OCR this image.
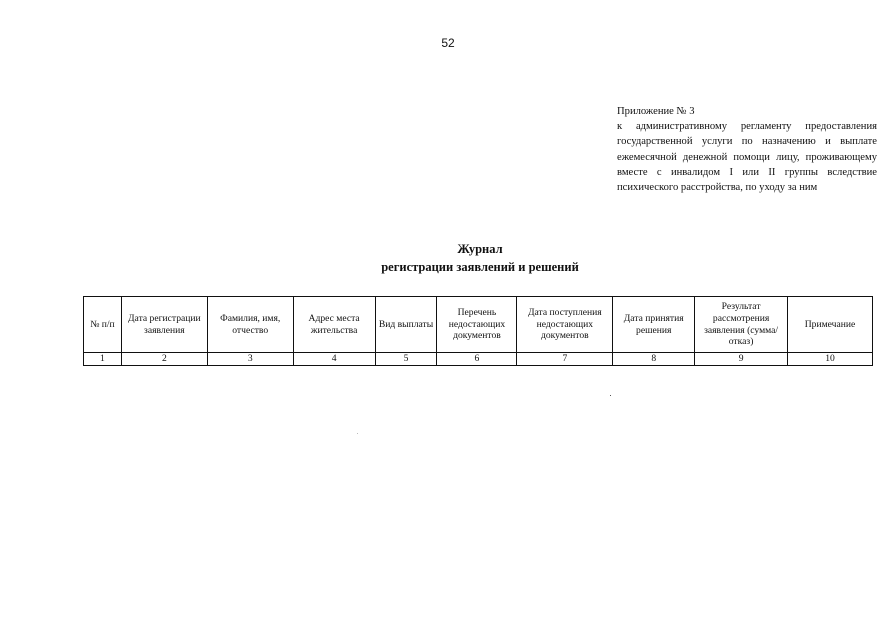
52
Приложение № 3
к административному регламенту предоставления государственной услуги по назначению и выплате ежемесячной денежной помощи лицу, проживающему вместе с инвалидом I или II группы вследствие психического расстройства, по уходу за ним
Журнал
регистрации заявлений и решений
№ п/п	Дата регистрации заявления	Фамилия, имя, отчество	Адрес места жительства	Вид выплаты	Перечень недостающих документов	Дата поступления недостающих документов	Дата принятия решения	Результат рассмотрения заявления (сумма/отказ)	Примечание
1	2	3	4	5	6	7	8	9	10
